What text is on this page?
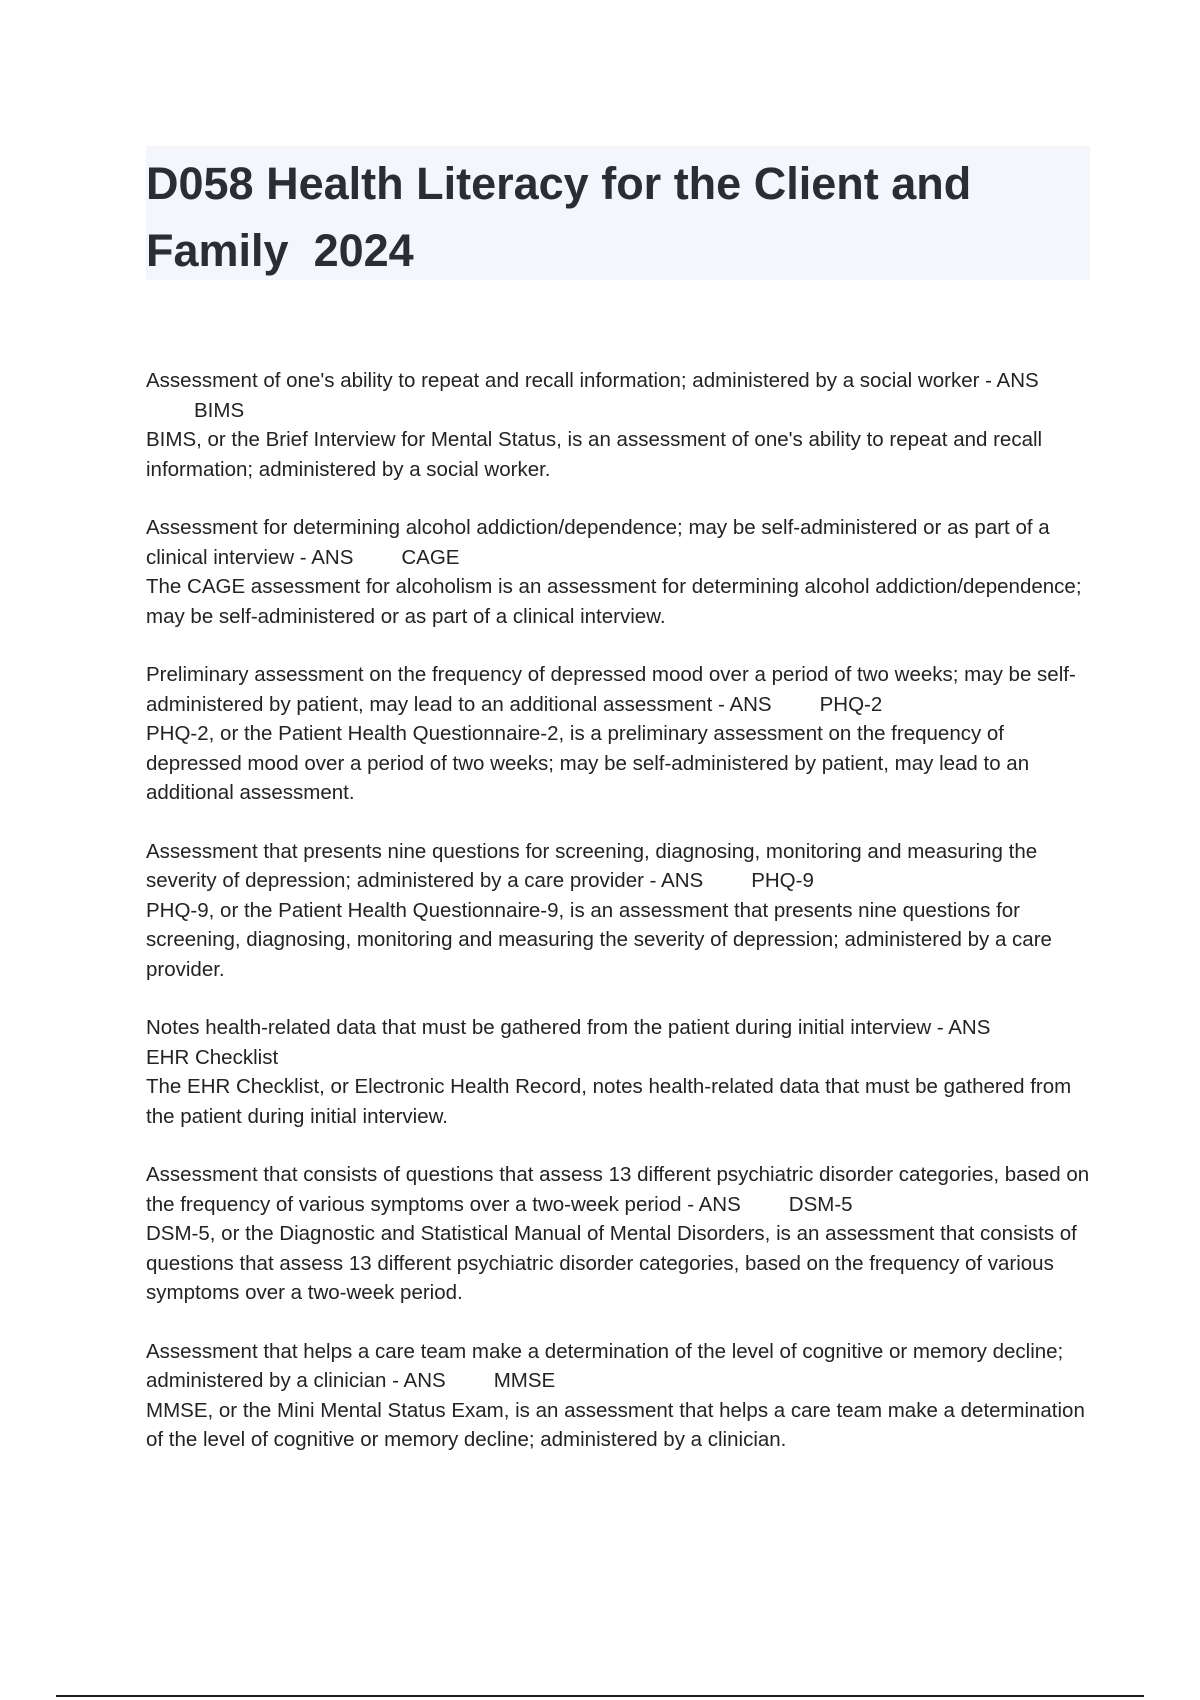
D058 Health Literacy for the Client and Family  2024

Assessment of one's ability to repeat and recall information; administered by a social worker - ANSBIMS

BIMS, or the Brief Interview for Mental Status, is an assessment of one's ability to repeat and recall information; administered by a social worker.

Assessment for determining alcohol addiction/dependence; may be self-administered or as part of a clinical interview - ANS CAGE

The CAGE assessment for alcoholism is an assessment for determining alcohol addiction/dependence; may be self-administered or as part of a clinical interview.

Preliminary assessment on the frequency of depressed mood over a period of two weeks; may be self-administered by patient, may lead to an additional assessment - ANS PHQ-2

PHQ-2, or the Patient Health Questionnaire-2, is a preliminary assessment on the frequency of depressed mood over a period of two weeks; may be self-administered by patient, may lead to an additional assessment.

Assessment that presents nine questions for screening, diagnosing, monitoring and measuring the severity of depression; administered by a care provider - ANS PHQ-9

PHQ-9, or the Patient Health Questionnaire-9, is an assessment that presents nine questions for screening, diagnosing, monitoring and measuring the severity of depression; administered by a care provider.

Notes health-related data that must be gathered from the patient during initial interview - ANS
EHR Checklist

The EHR Checklist, or Electronic Health Record, notes health-related data that must be gathered from the patient during initial interview.

Assessment that consists of questions that assess 13 different psychiatric disorder categories, based on the frequency of various symptoms over a two-week period - ANS DSM-5

DSM-5, or the Diagnostic and Statistical Manual of Mental Disorders, is an assessment that consists of questions that assess 13 different psychiatric disorder categories, based on the frequency of various symptoms over a two-week period.

Assessment that helps a care team make a determination of the level of cognitive or memory decline; administered by a clinician - ANS MMSE

MMSE, or the Mini Mental Status Exam, is an assessment that helps a care team make a determination of the level of cognitive or memory decline; administered by a clinician.
